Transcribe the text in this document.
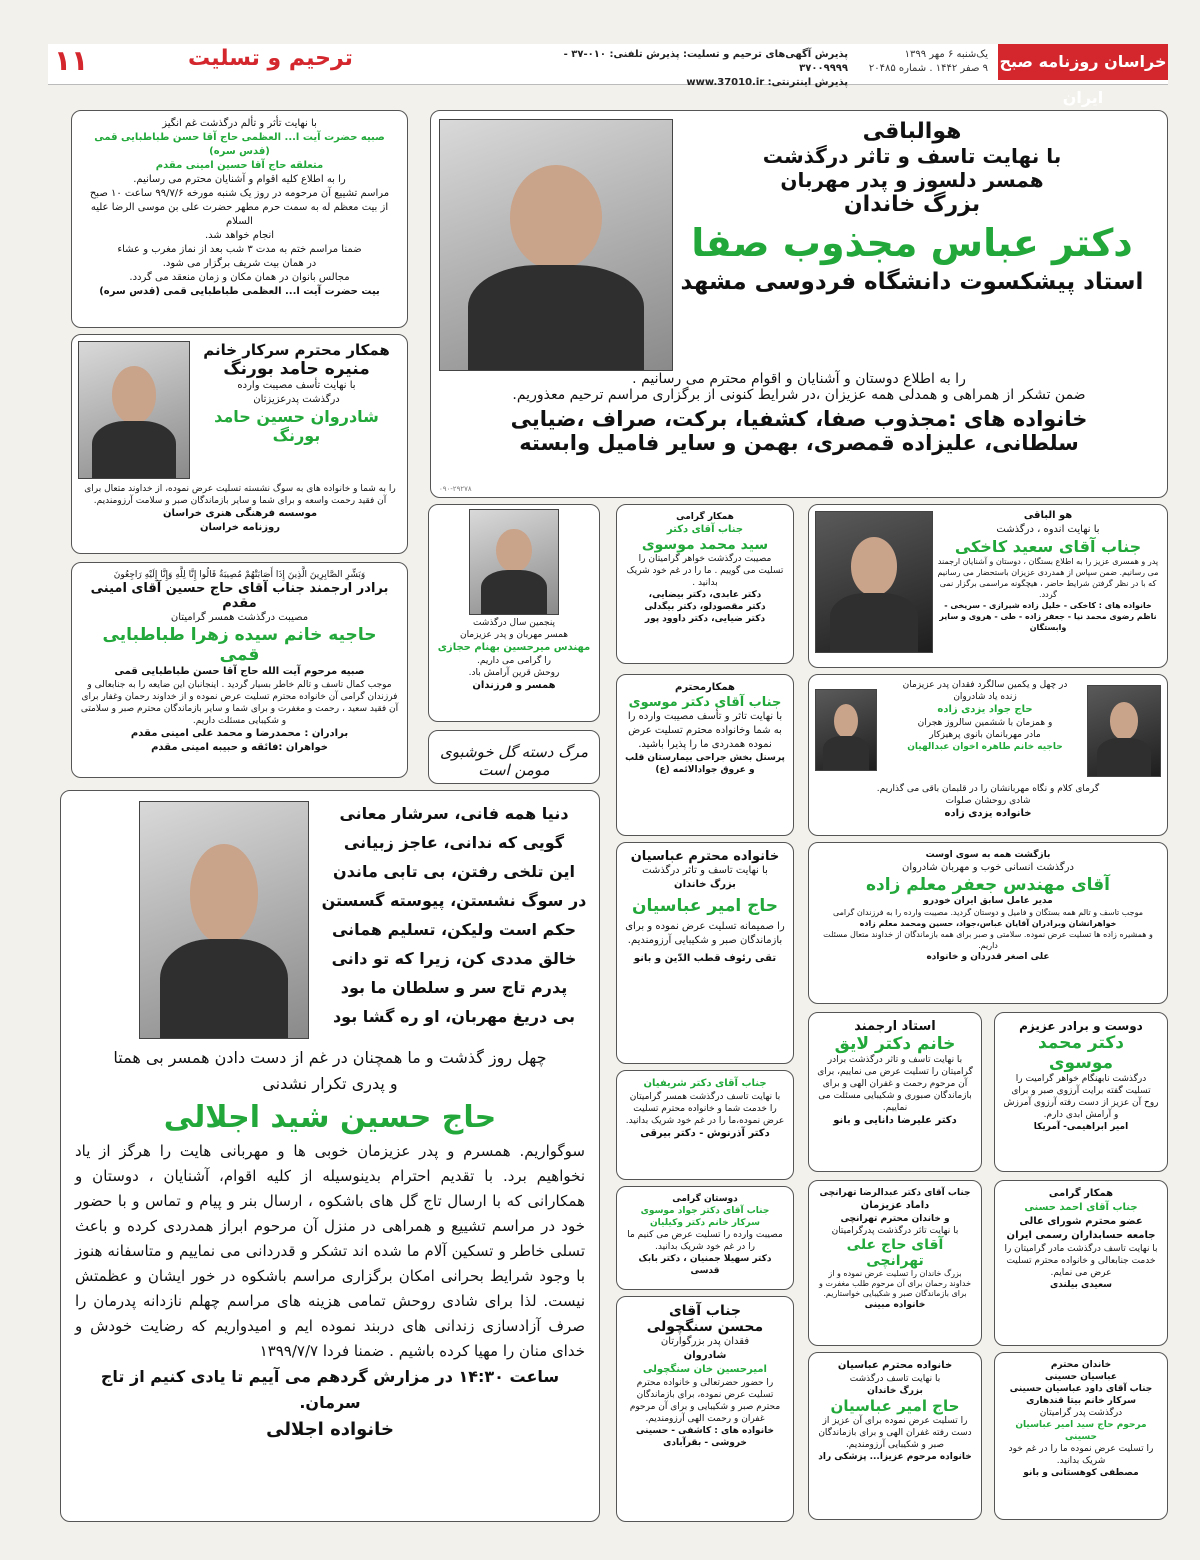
خراسان روزنامه صبح ایران
یک‌شنبه ۶ مهر ۱۳۹۹
۹ صفر ۱۴۴۲ . شماره ۲۰۴۸۵
پذیرش آگهی‌های ترحیم و تسلیت: پذیرش تلفنی: ۰۱۰-۳۷ - ۳۷۰۰۹۹۹۹
پذیرش اینترنتی: www.37010.ir
ترحیم و تسلیت
۱۱

هوالباقی

با نهایت تاسف و تاثر درگذشت

همسر دلسوز و پدر مهربان

بزرگ خاندان

دکتر عباس مجذوب صفا

استاد پیشکسوت دانشگاه فردوسی مشهد

را به اطلاع دوستان و آشنایان و اقوام محترم می رسانیم .

ضمن تشکر از همراهی و همدلی همه عزیزان ،در شرایط کنونی از برگزاری مراسم ترحیم معذوریم.

خانواده های :مجذوب صفا، کشفیا، برکت، صراف ،ضیایی

سلطانی، علیزاده قمصری، بهمن و سایر فامیل وابسته

۰۹۰-۲۹۲۷۸

با نهایت تأثر و تألم درگذشت غم انگیز

صبیه حضرت آیت ا... العظمی حاج آقا حسن طباطبایی قمی (قدس سره)

متعلقه حاج آقا حسین امینی مقدم

را به اطلاع کلیه اقوام و آشنایان محترم می رسانیم.

مراسم تشییع آن مرحومه در روز یک شنبه مورخه ۹۹/۷/۶ ساعت ۱۰ صبح

از بیت معظم له به سمت حرم مطهر حضرت علی بن موسی الرضا علیه السلام

انجام خواهد شد.

ضمنا مراسم ختم به مدت ۳ شب بعد از نماز مغرب و عشاء

در همان بیت شریف برگزار می شود.

مجالس بانوان در همان مکان و زمان منعقد می گردد.

بیت حضرت آیت ا... العظمی طباطبایی قمی (قدس سره)

همکار محترم سرکار خانم

منیره حامد بورنگ

با نهایت تأسف مصیبت وارده

درگذشت پدرعزیزتان

شادروان حسین حامد بورنگ

را به شما و خانواده های به سوگ نشسته تسلیت عرض نموده، از خداوند متعال برای آن فقید رحمت واسعه و برای شما و سایر بازماندگان صبر و سلامت آرزومندیم.

موسسه فرهنگی هنری خراسان

روزنامه خراسان

وَبَشِّرِ الصَّابِرِينَ الَّذِينَ إِذَا أَصَابَتْهُمْ مُصِيبَةٌ قَالُوا إِنَّا لِلَّهِ وَإِنَّا إِلَيْهِ رَاجِعُونَ

برادر ارجمند جناب آقای حاج حسین آقای امینی مقدم

مصیبت درگذشت همسر گرامیتان

حاجیه خانم سیده زهرا طباطبایی قمی

صبیه مرحوم آیت الله حاج آقا حسن طباطبایی قمی

موجب کمال تاسف و تالم خاطر بسیار گردید . اینجانبان این ضایعه را به جنابعالی و فرزندان گرامی آن خانواده محترم تسلیت عرض نموده و از خداوند رحمان وغفار برای آن فقید سعید ، رحمت و مغفرت و برای شما و سایر بازماندگان محترم صبر و سلامتی و شکیبایی مسئلت داریم.

برادران : محمدرضا و محمد علی امینی مقدم

خواهران :فائقه و حبیبه امینی مقدم

پنجمین سال درگذشت

همسر مهربان و پدر عزیزمان

مهندس میرحسین بهنام حجازی

را گرامی می داریم.

روحش قرین آرامش باد.

همسر و فرزندان

مرگ دسته گل خوشبوی مومن است

همکار گرامی

جناب آقای دکتر

سید محمد موسوی

مصیبت درگذشت خواهر گرامیتان را تسلیت می گوییم . ما را در غم خود شریک بدانید .

دکتر عابدی، دکتر بیضایی،

دکتر مقصودلو، دکتر بیگدلی

دکتر ضیایی، دکتر داوود پور

هو الباقی

با نهایت اندوه ، درگذشت

جناب آقای سعید کاخکی

پدر و همسری عزیز را به اطلاع بستگان ، دوستان و آشنایان ارجمند می رسانیم. ضمن سپاس از همدردی عزیزان باستحضار می رسانیم که با در نظر گرفتن شرایط حاضر ، هیچگونه مراسمی برگزار نمی گردد.

خانواده های : کاخکی - خلیل زاده شیرازی - سریخی - ناظم رضوی محمد نیا - جعفر زاده - طی - هروی و سایر وابستگان

همکارمحترم

جناب آقای دکتر موسوی

با نهایت تاثر و تأسف مصیبت وارده را به شما وخانواده محترم تسلیت عرض نموده همدردی ما را پذیرا باشید.

پرسنل بخش جراحی بیمارستان قلب و عروق جوادالائمه (ع)

در چهل و یکمین سالگرد فقدان پدر عزیزمان

زنده یاد شادروان

حاج جواد یزدی زاده

و همزمان با ششمین سالروز هجران

مادر مهربانمان بانوی پرهیزکار

حاجیه خانم طاهره اخوان عبدالهیان

گرمای کلام و نگاه مهربانشان را در قلبمان باقی می گذاریم.

شادی روحشان صلوات

خانواده یزدی زاده

دنیا همه فانی، سرشار معانی

گویی که ندانی، عاجز زبیانی

این تلخی رفتن، بی تابی ماندن

در سوگ نشستن، پیوسته گسستن

حکم است ولیکن، تسلیم همانی

خالق مددی کن، زیرا که تو دانی

پدرم تاج سر و سلطان ما بود

بی دریغ مهربان، او ره گشا بود

چهل روز گذشت و ما همچنان در غم از دست دادن همسر بی همتا

و پدری تکرار نشدنی

حاج حسین شید اجلالی

سوگواریم. همسرم و پدر عزیزمان خوبی ها و مهربانی هایت را هرگز از یاد نخواهیم برد. با تقدیم احترام بدینوسیله از کلیه اقوام، آشنایان ، دوستان و همکارانی که با ارسال تاج گل های باشکوه ، ارسال بنر و پیام و تماس و با حضور خود در مراسم تشییع و همراهی در منزل آن مرحوم ابراز همدردی کرده و باعث تسلی خاطر و تسکین آلام ما شده اند تشکر و قدردانی می نماییم و متاسفانه هنوز با وجود شرایط بحرانی امکان برگزاری مراسم باشکوه در خور ایشان و عظمتش نیست. لذا برای شادی روحش تمامی هزینه های مراسم چهلم نازدانه پدرمان را صرف آزادسازی زندانی های دربند نموده ایم و امیدواریم که رضایت خودش و خدای منان را مهیا کرده باشیم . ضمنا فردا ۱۳۹۹/۷/۷

ساعت ۱۴:۳۰ در مزارش گردهم می آییم تا یادی کنیم از تاج سرمان.

خانواده اجلالی

خانواده محترم عباسیان

با نهایت تاسف و تاثر درگذشت

بزرگ خاندان

حاج امیر عباسیان

را صمیمانه تسلیت عرض نموده و برای بازماندگان صبر و شکیبایی آرزومندیم.

تقی رئوف قطب الدّین و بانو

بازگشت همه به سوی اوست

درگذشت انسانی خوب و مهربان شادروان

آقای مهندس جعفر معلم زاده

مدیر عامل سابق ایران خودرو

موجب تاسف و تالم همه بستگان و فامیل و دوستان گردید. مصیبت وارده را به فرزندان گرامی

خواهرانشان وبرادران آقایان عباس،جواد، حسین ومحمد معلم زاده

و همشیره زاده ها تسلیت عرض نموده. سلامتی و صبر برای همه بازماندگان از خداوند متعال مسئلت داریم.

علی اصغر قدردان و خانواده

جناب آقای دکتر شریفیان

با نهایت تاسف درگذشت همسر گرامیتان را خدمت شما و خانواده محترم تسلیت عرض نموده،ما را در غم خود شریک بدانید.

دکتر آذرنوش - دکتر بیرقی

استاد ارجمند

خانم دکتر لایق

با نهایت تاسف و تاثر درگذشت برادر گرامیتان را تسلیت عرض می نماییم، برای آن مرحوم رحمت و غفران الهی و برای بازماندگان صبوری و شکیبایی مسئلت می نماییم.

دکتر علیرضا دانایی و بانو

دوست و برادر عزیزم

دکتر محمد موسوی

درگذشت نابهنگام خواهر گرامیت را تسلیت گفته برایت آرزوی صبر و برای روح آن عزیز از دست رفته آرزوی آمرزش و آرامش ابدی دارم.

امیر ابراهیمی- آمریکا

دوستان گرامی

جناب آقای دکتر جواد موسوی

سرکار خانم دکتر وکیلیان

مصیبت وارده را تسلیت عرض می کنیم ما را در غم خود شریک بدانید.

دکتر سهیلا جمنیان ، دکتر بابک قدسی

جناب آقای دکتر عبدالرضا تهرانچی

داماد عزیزمان

و خاندان محترم تهرانچی

با نهایت تاثر درگذشت پدرگرامیتان

آقای حاج علی تهرانچی

بزرگ خاندان را تسلیت عرض نموده و از خداوند رحمان برای آن مرحوم طلب مغفرت و برای بازماندگان صبر و شکیبایی خواستاریم.

خانواده مبینی

همکار گرامی

جناب آقای احمد حسنی

عضو محترم شورای عالی

جامعه حسابداران رسمی ایران

با نهایت تاسف درگذشت مادر گرامیتان را خدمت جنابعالی و خانواده محترم تسلیت عرض می نمایم.

سعیدی بیلندی

جناب آقای

محسن سنگچولی

فقدان پدر بزرگوارتان

شادروان

امیرحسین خان سنگچولی

را حضور حضرتعالی و خانواده محترم تسلیت عرض نموده، برای بازماندگان محترم صبر و شکیبایی و برای آن مرحوم غفران و رحمت الهی آرزومندیم.

خانواده های : کاشفی - حسینی

خروشی - بقرآبادی

خانواده محترم عباسیان

با نهایت تاسف درگذشت

بزرگ خاندان

حاج امیر عباسیان

را تسلیت عرض نموده برای آن عزیز از دست رفته غفران الهی و برای بازماندگان صبر و شکیبایی آرزومندیم.

خانواده مرحوم عزیزا... پزشکی راد

خاندان محترم

عباسیان حسینی

جناب آقای داود عباسیان حسینی

سرکار خانم بیتا قندهاری

درگذشت پدر گرامیتان

مرحوم حاج سید امیر عباسیان حسینی

را تسلیت عرض نموده ما را در غم خود شریک بدانید.

مصطفی کوهستانی و بانو
